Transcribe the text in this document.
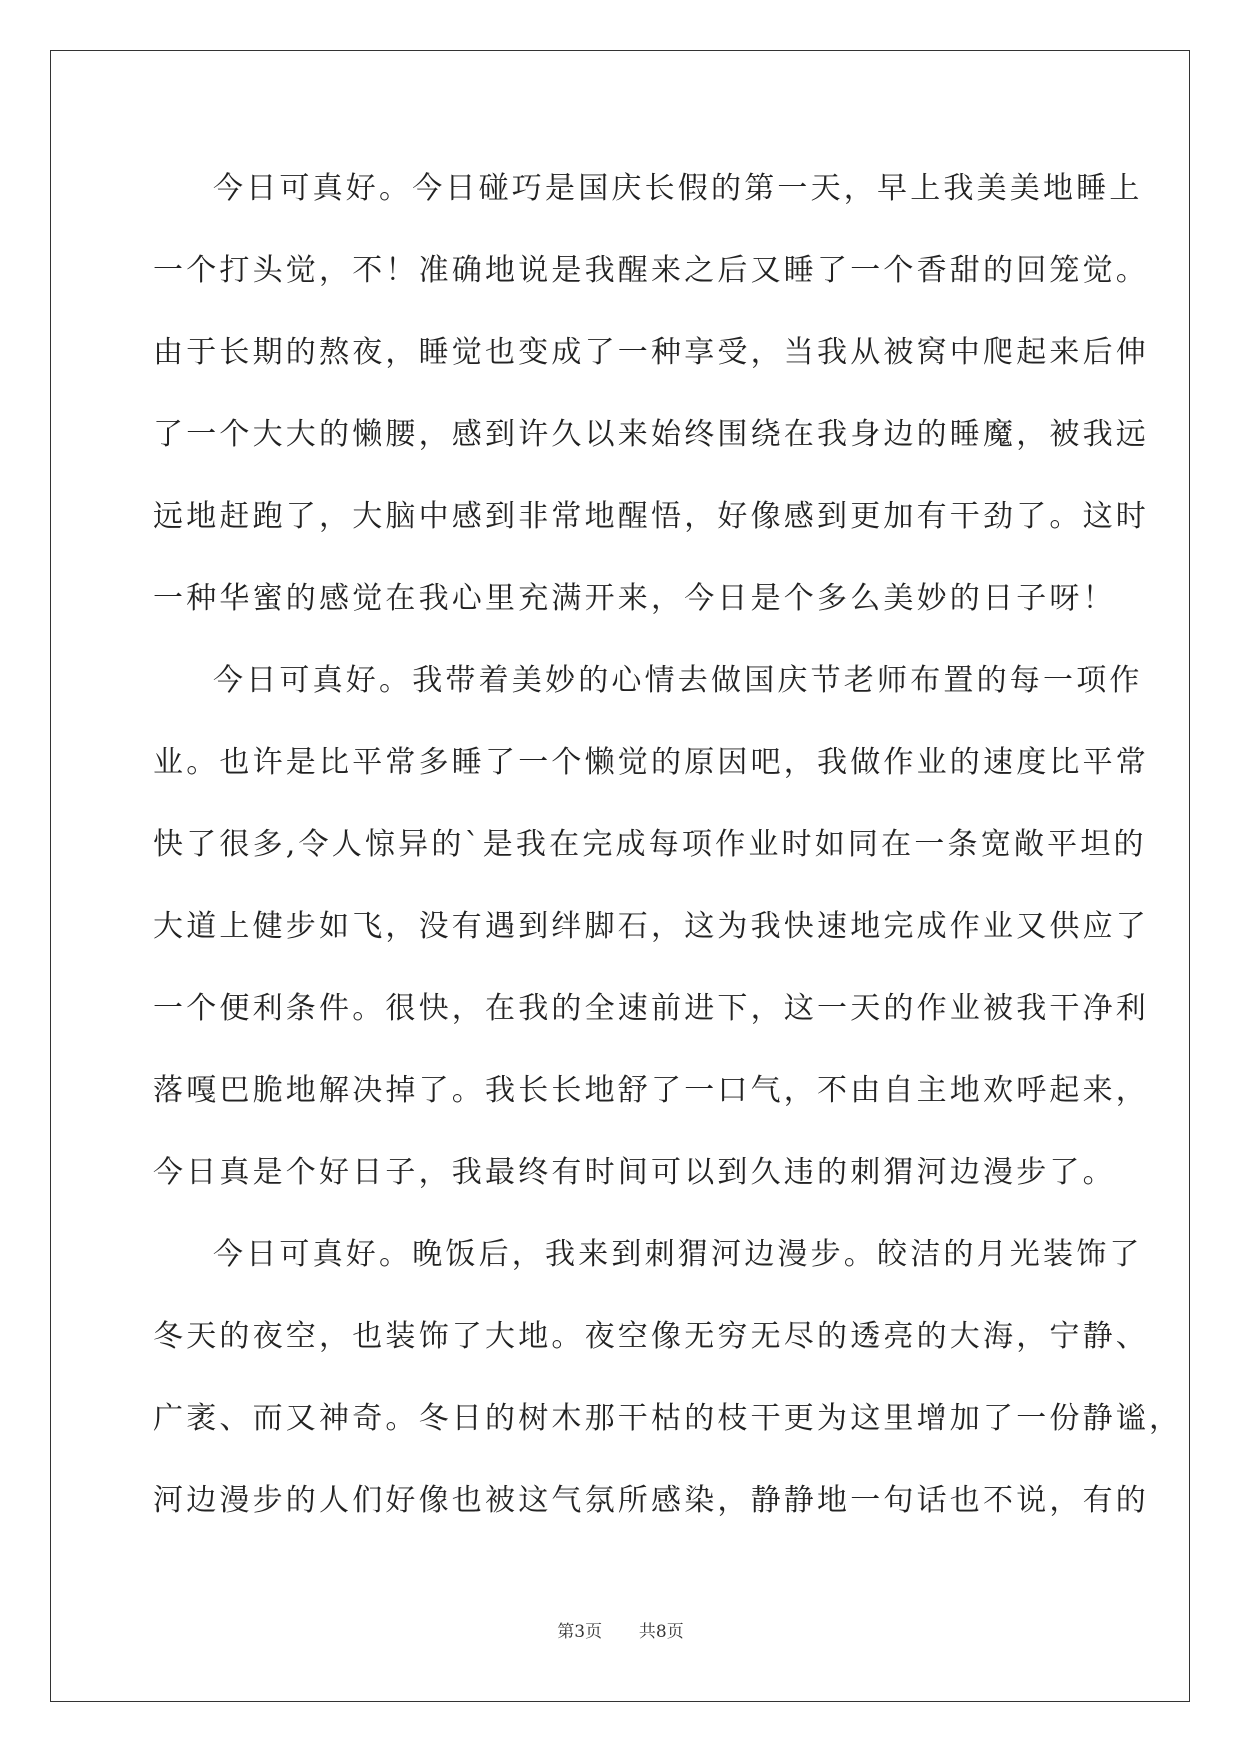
今日可真好。今日碰巧是国庆长假的第一天，早上我美美地睡上
一个打头觉，不！准确地说是我醒来之后又睡了一个香甜的回笼觉。
由于长期的熬夜，睡觉也变成了一种享受，当我从被窝中爬起来后伸
了一个大大的懒腰，感到许久以来始终围绕在我身边的睡魔，被我远
远地赶跑了，大脑中感到非常地醒悟，好像感到更加有干劲了。这时
一种华蜜的感觉在我心里充满开来，今日是个多么美妙的日子呀！
今日可真好。我带着美妙的心情去做国庆节老师布置的每一项作
业。也许是比平常多睡了一个懒觉的原因吧，我做作业的速度比平常
快了很多,令人惊异的`是我在完成每项作业时如同在一条宽敞平坦的
大道上健步如飞，没有遇到绊脚石，这为我快速地完成作业又供应了
一个便利条件。很快，在我的全速前进下，这一天的作业被我干净利
落嘎巴脆地解决掉了。我长长地舒了一口气，不由自主地欢呼起来，
今日真是个好日子，我最终有时间可以到久违的刺猬河边漫步了。
今日可真好。晚饭后，我来到刺猬河边漫步。皎洁的月光装饰了
冬天的夜空，也装饰了大地。夜空像无穷无尽的透亮的大海，宁静、
广袤、而又神奇。冬日的树木那干枯的枝干更为这里增加了一份静谧，
河边漫步的人们好像也被这气氛所感染，静静地一句话也不说，有的
第3页 共8页
